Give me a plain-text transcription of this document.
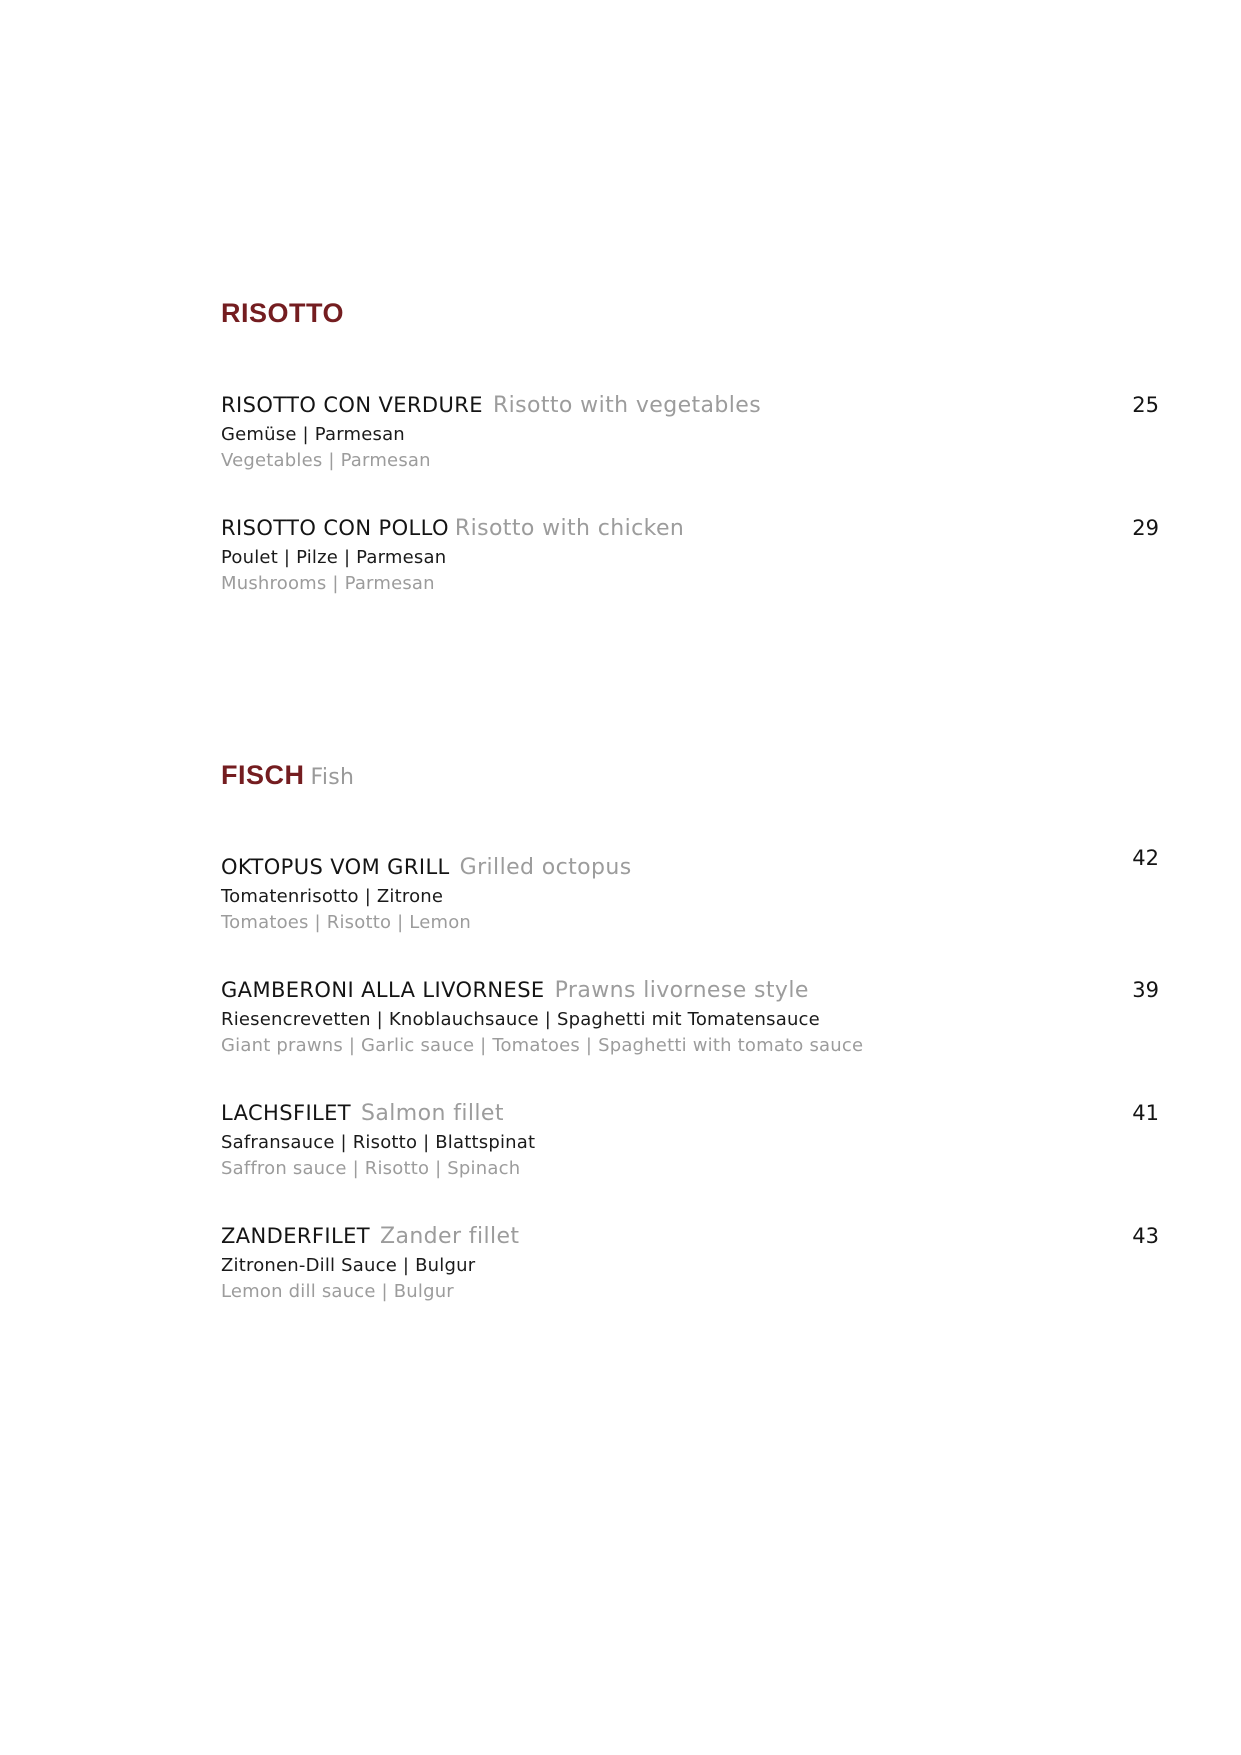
RISOTTO
RISOTTO CON VERDURE Risotto with vegetables	25
Gemüse | Parmesan
Vegetables | Parmesan
RISOTTO CON POLLO Risotto with chicken	29
Poulet | Pilze | Parmesan
Mushrooms | Parmesan
FISCH Fish
OKTOPUS VOM GRILL Grilled octopus	42
Tomatenrisotto | Zitrone
Tomatoes | Risotto | Lemon
GAMBERONI ALLA LIVORNESE Prawns livornese style	39
Riesencrevetten | Knoblauchsauce | Spaghetti mit Tomatensauce
Giant prawns | Garlic sauce | Tomatoes | Spaghetti with tomato sauce
LACHSFILET Salmon fillet	41
Safransauce | Risotto | Blattspinat
Saffron sauce | Risotto | Spinach
ZANDERFILET Zander fillet	43
Zitronen-Dill Sauce | Bulgur
Lemon dill sauce | Bulgur
